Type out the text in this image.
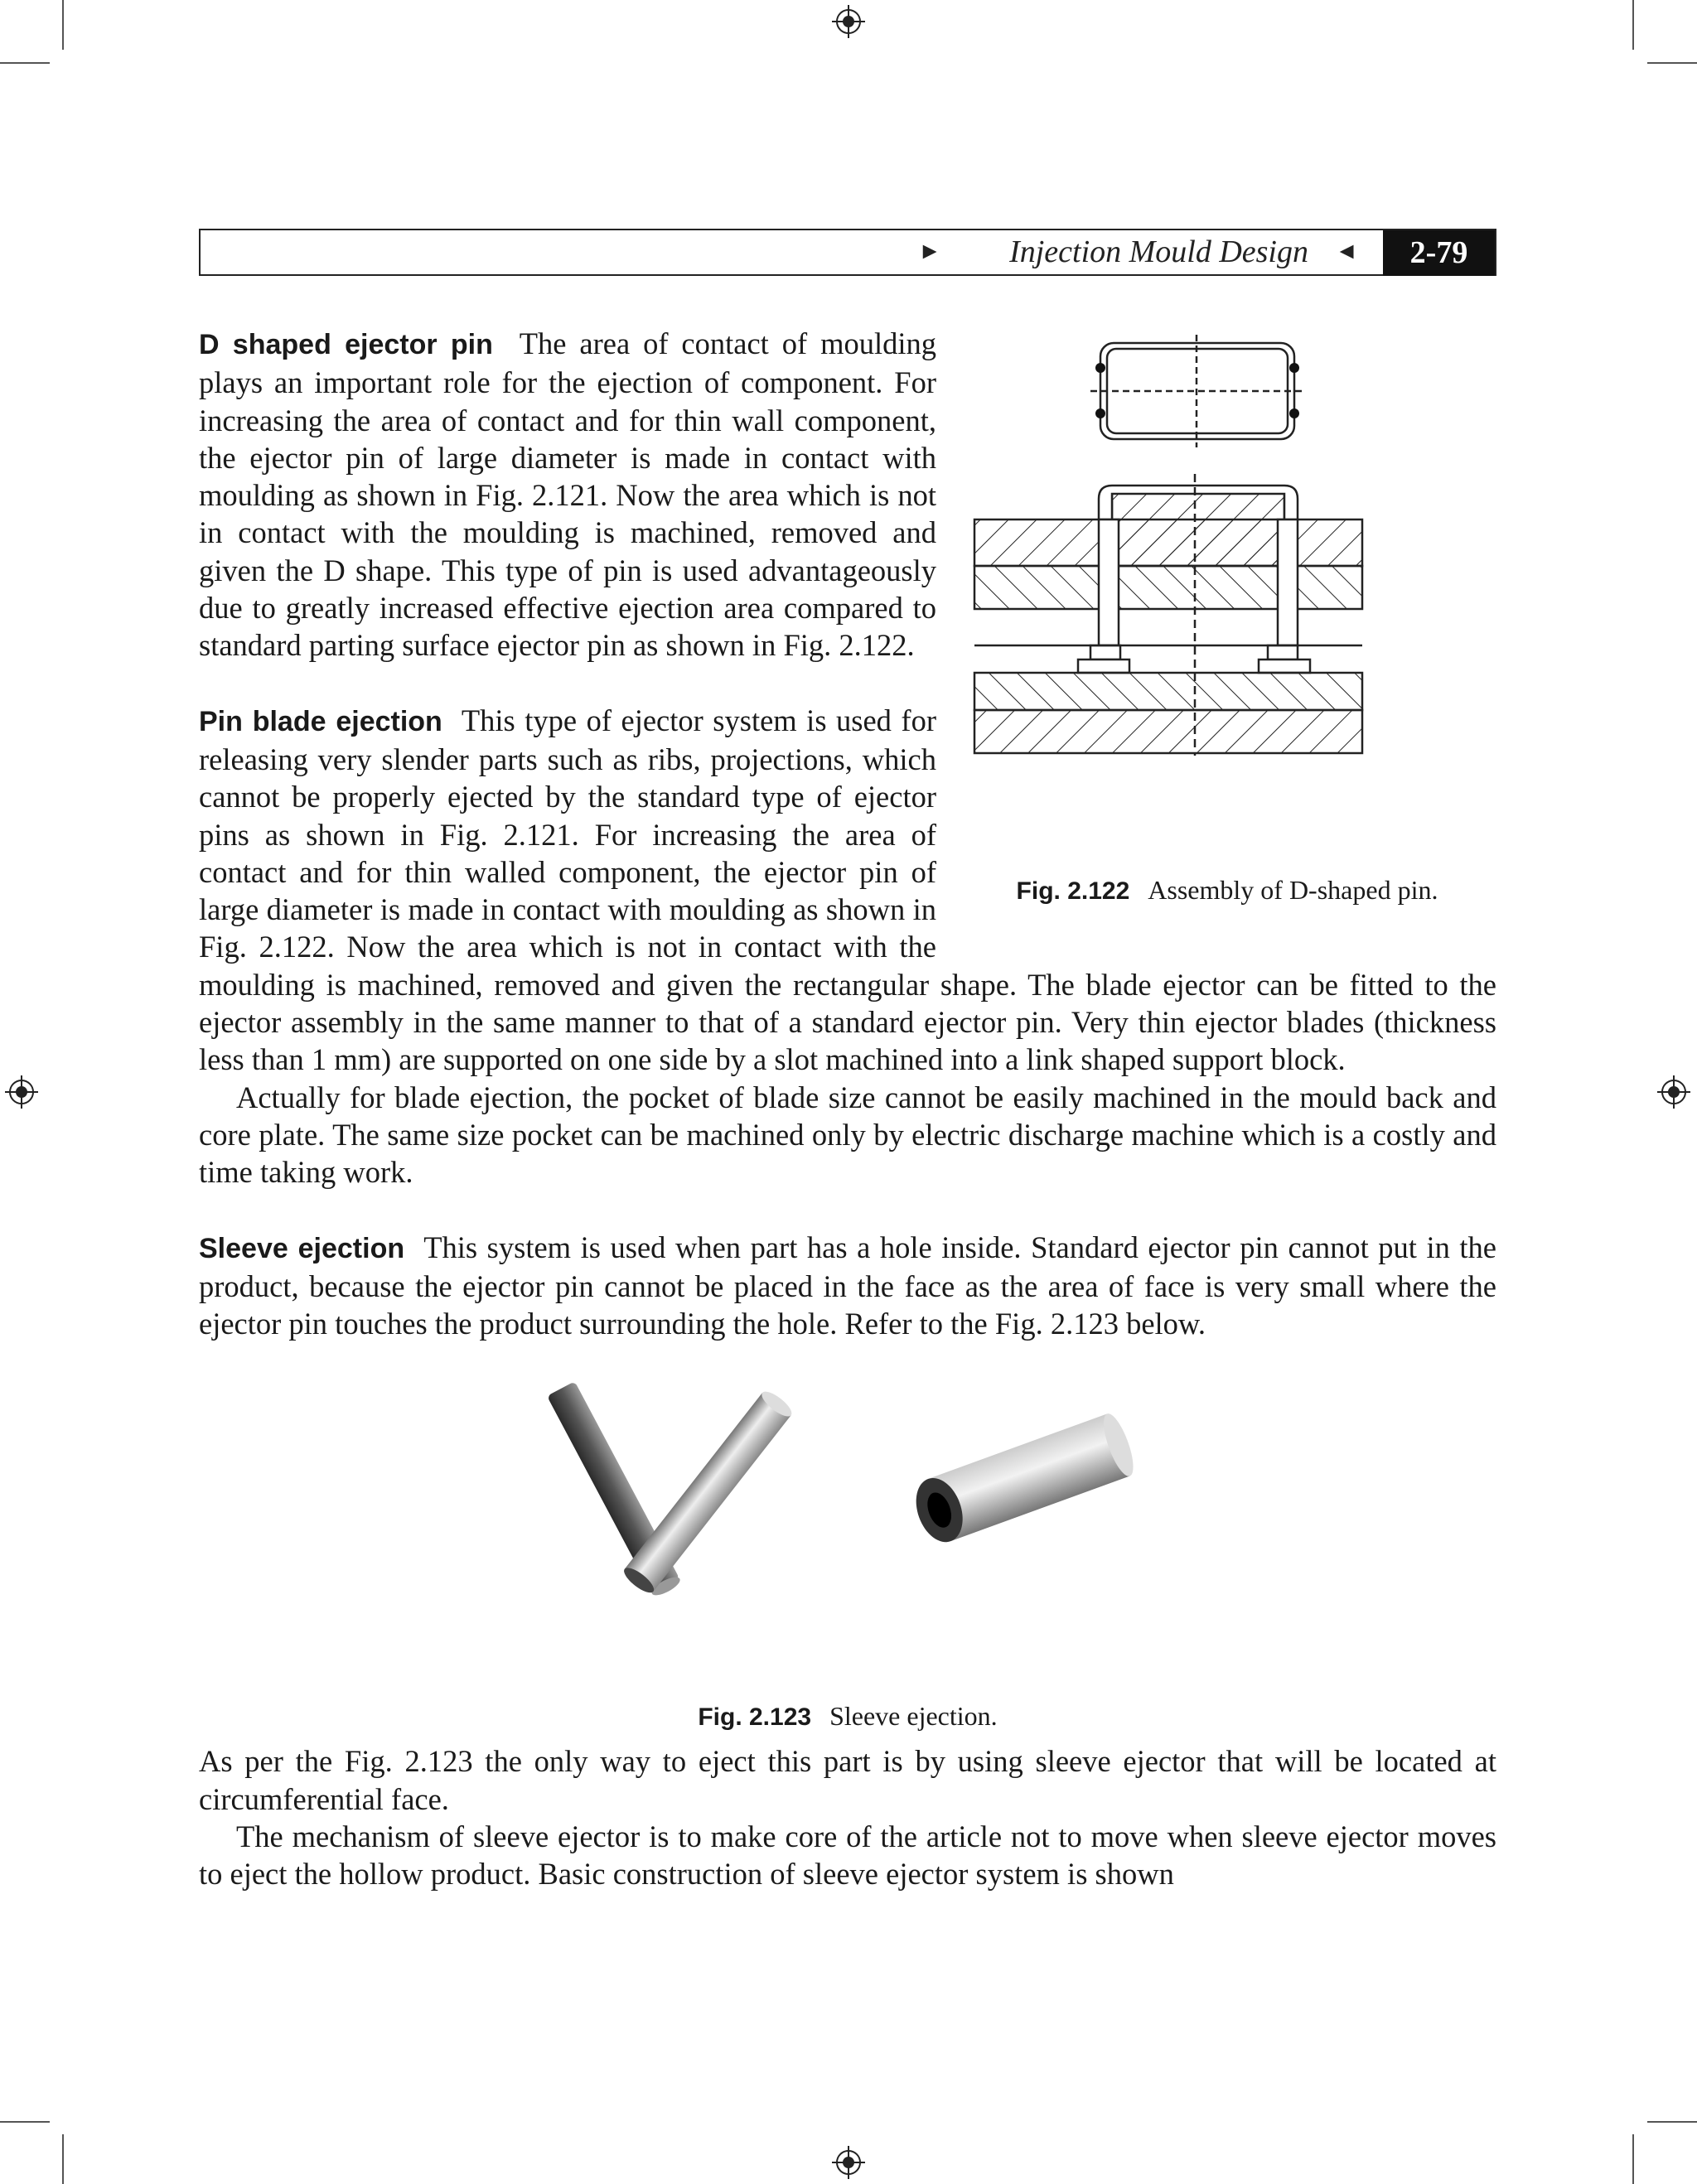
► Injection Mould Design ◄	2-79
Fig. 2.122 Assembly of D-shaped pin.

D shaped ejector pin The area of contact of moulding plays an important role for the ejection of component. For increasing the area of contact and for thin wall component, the ejector pin of large diameter is made in contact with moulding as shown in Fig. 2.121. Now the area which is not in contact with the moulding is machined, removed and given the D shape. This type of pin is used advantageously due to greatly increased effective ejection area compared to standard parting surface ejector pin as shown in Fig. 2.122.

Pin blade ejection This type of ejector system is used for releasing very slender parts such as ribs, projections, which cannot be properly ejected by the standard type of ejector pins as shown in Fig. 2.121. For increasing the area of contact and for thin walled component, the ejector pin of large diameter is made in contact with moulding as shown in Fig. 2.122. Now the area which is not in contact with the moulding is machined, removed and given the rectangular shape. The blade ejector can be fitted to the ejector assembly in the same manner to that of a standard ejector pin. Very thin ejector blades (thickness less than 1 mm) are supported on one side by a slot machined into a link shaped support block.

Actually for blade ejection, the pocket of blade size cannot be easily machined in the mould back and core plate. The same size pocket can be machined only by electric discharge machine which is a costly and time taking work.

Sleeve ejection This system is used when part has a hole inside. Standard ejector pin cannot put in the product, because the ejector pin cannot be placed in the face as the area of face is very small where the ejector pin touches the product surrounding the hole. Refer to the Fig. 2.123 below.

Fig. 2.123 Sleeve ejection.

As per the Fig. 2.123 the only way to eject this part is by using sleeve ejector that will be located at circumferential face.

The mechanism of sleeve ejector is to make core of the article not to move when sleeve ejector moves to eject the hollow product. Basic construction of sleeve ejector system is shown
